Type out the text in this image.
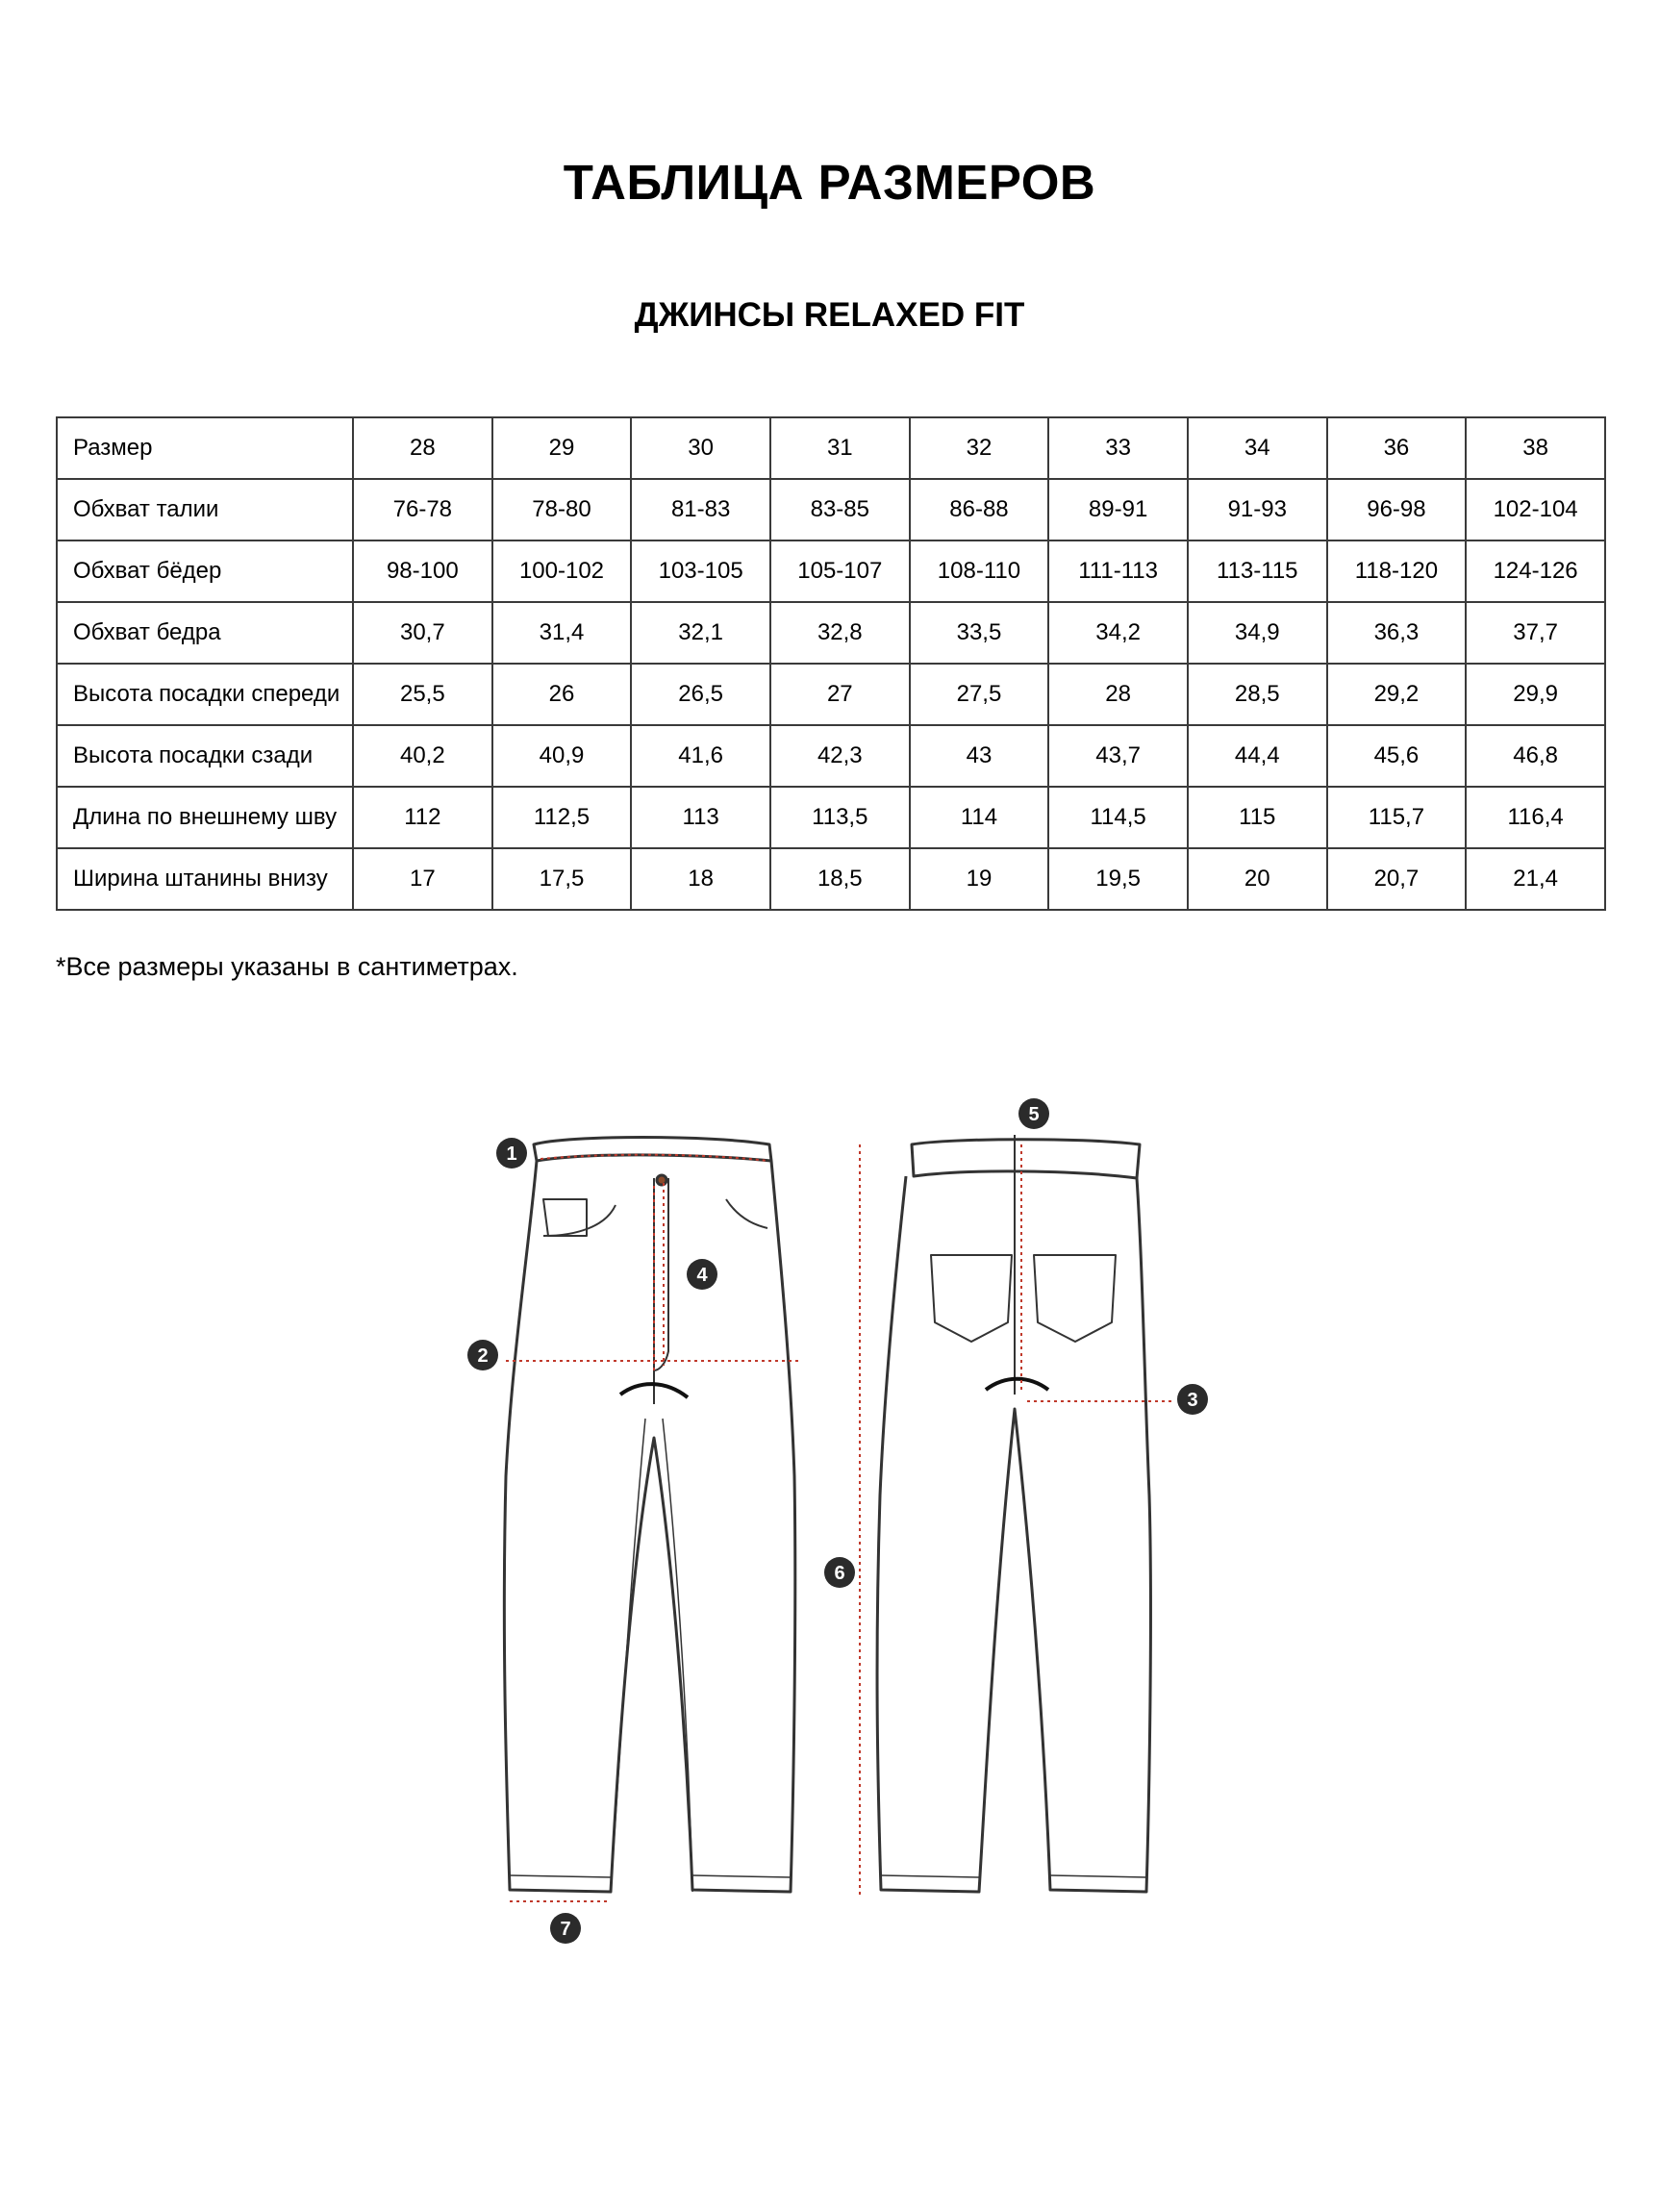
ТАБЛИЦА РАЗМЕРОВ
ДЖИНСЫ RELAXED FIT
Размер	28	29	30	31	32	33	34	36	38
Обхват талии	76-78	78-80	81-83	83-85	86-88	89-91	91-93	96-98	102-104
Обхват бёдер	98-100	100-102	103-105	105-107	108-110	111-113	113-115	118-120	124-126
Обхват бедра	30,7	31,4	32,1	32,8	33,5	34,2	34,9	36,3	37,7
Высота посадки спереди	25,5	26	26,5	27	27,5	28	28,5	29,2	29,9
Высота посадки сзади	40,2	40,9	41,6	42,3	43	43,7	44,4	45,6	46,8
Длина по внешнему шву	112	112,5	113	113,5	114	114,5	115	115,7	116,4
Ширина штанины внизу	17	17,5	18	18,5	19	19,5	20	20,7	21,4
*Все размеры указаны в сантиметрах.
1
2
3
4
5
6
7
